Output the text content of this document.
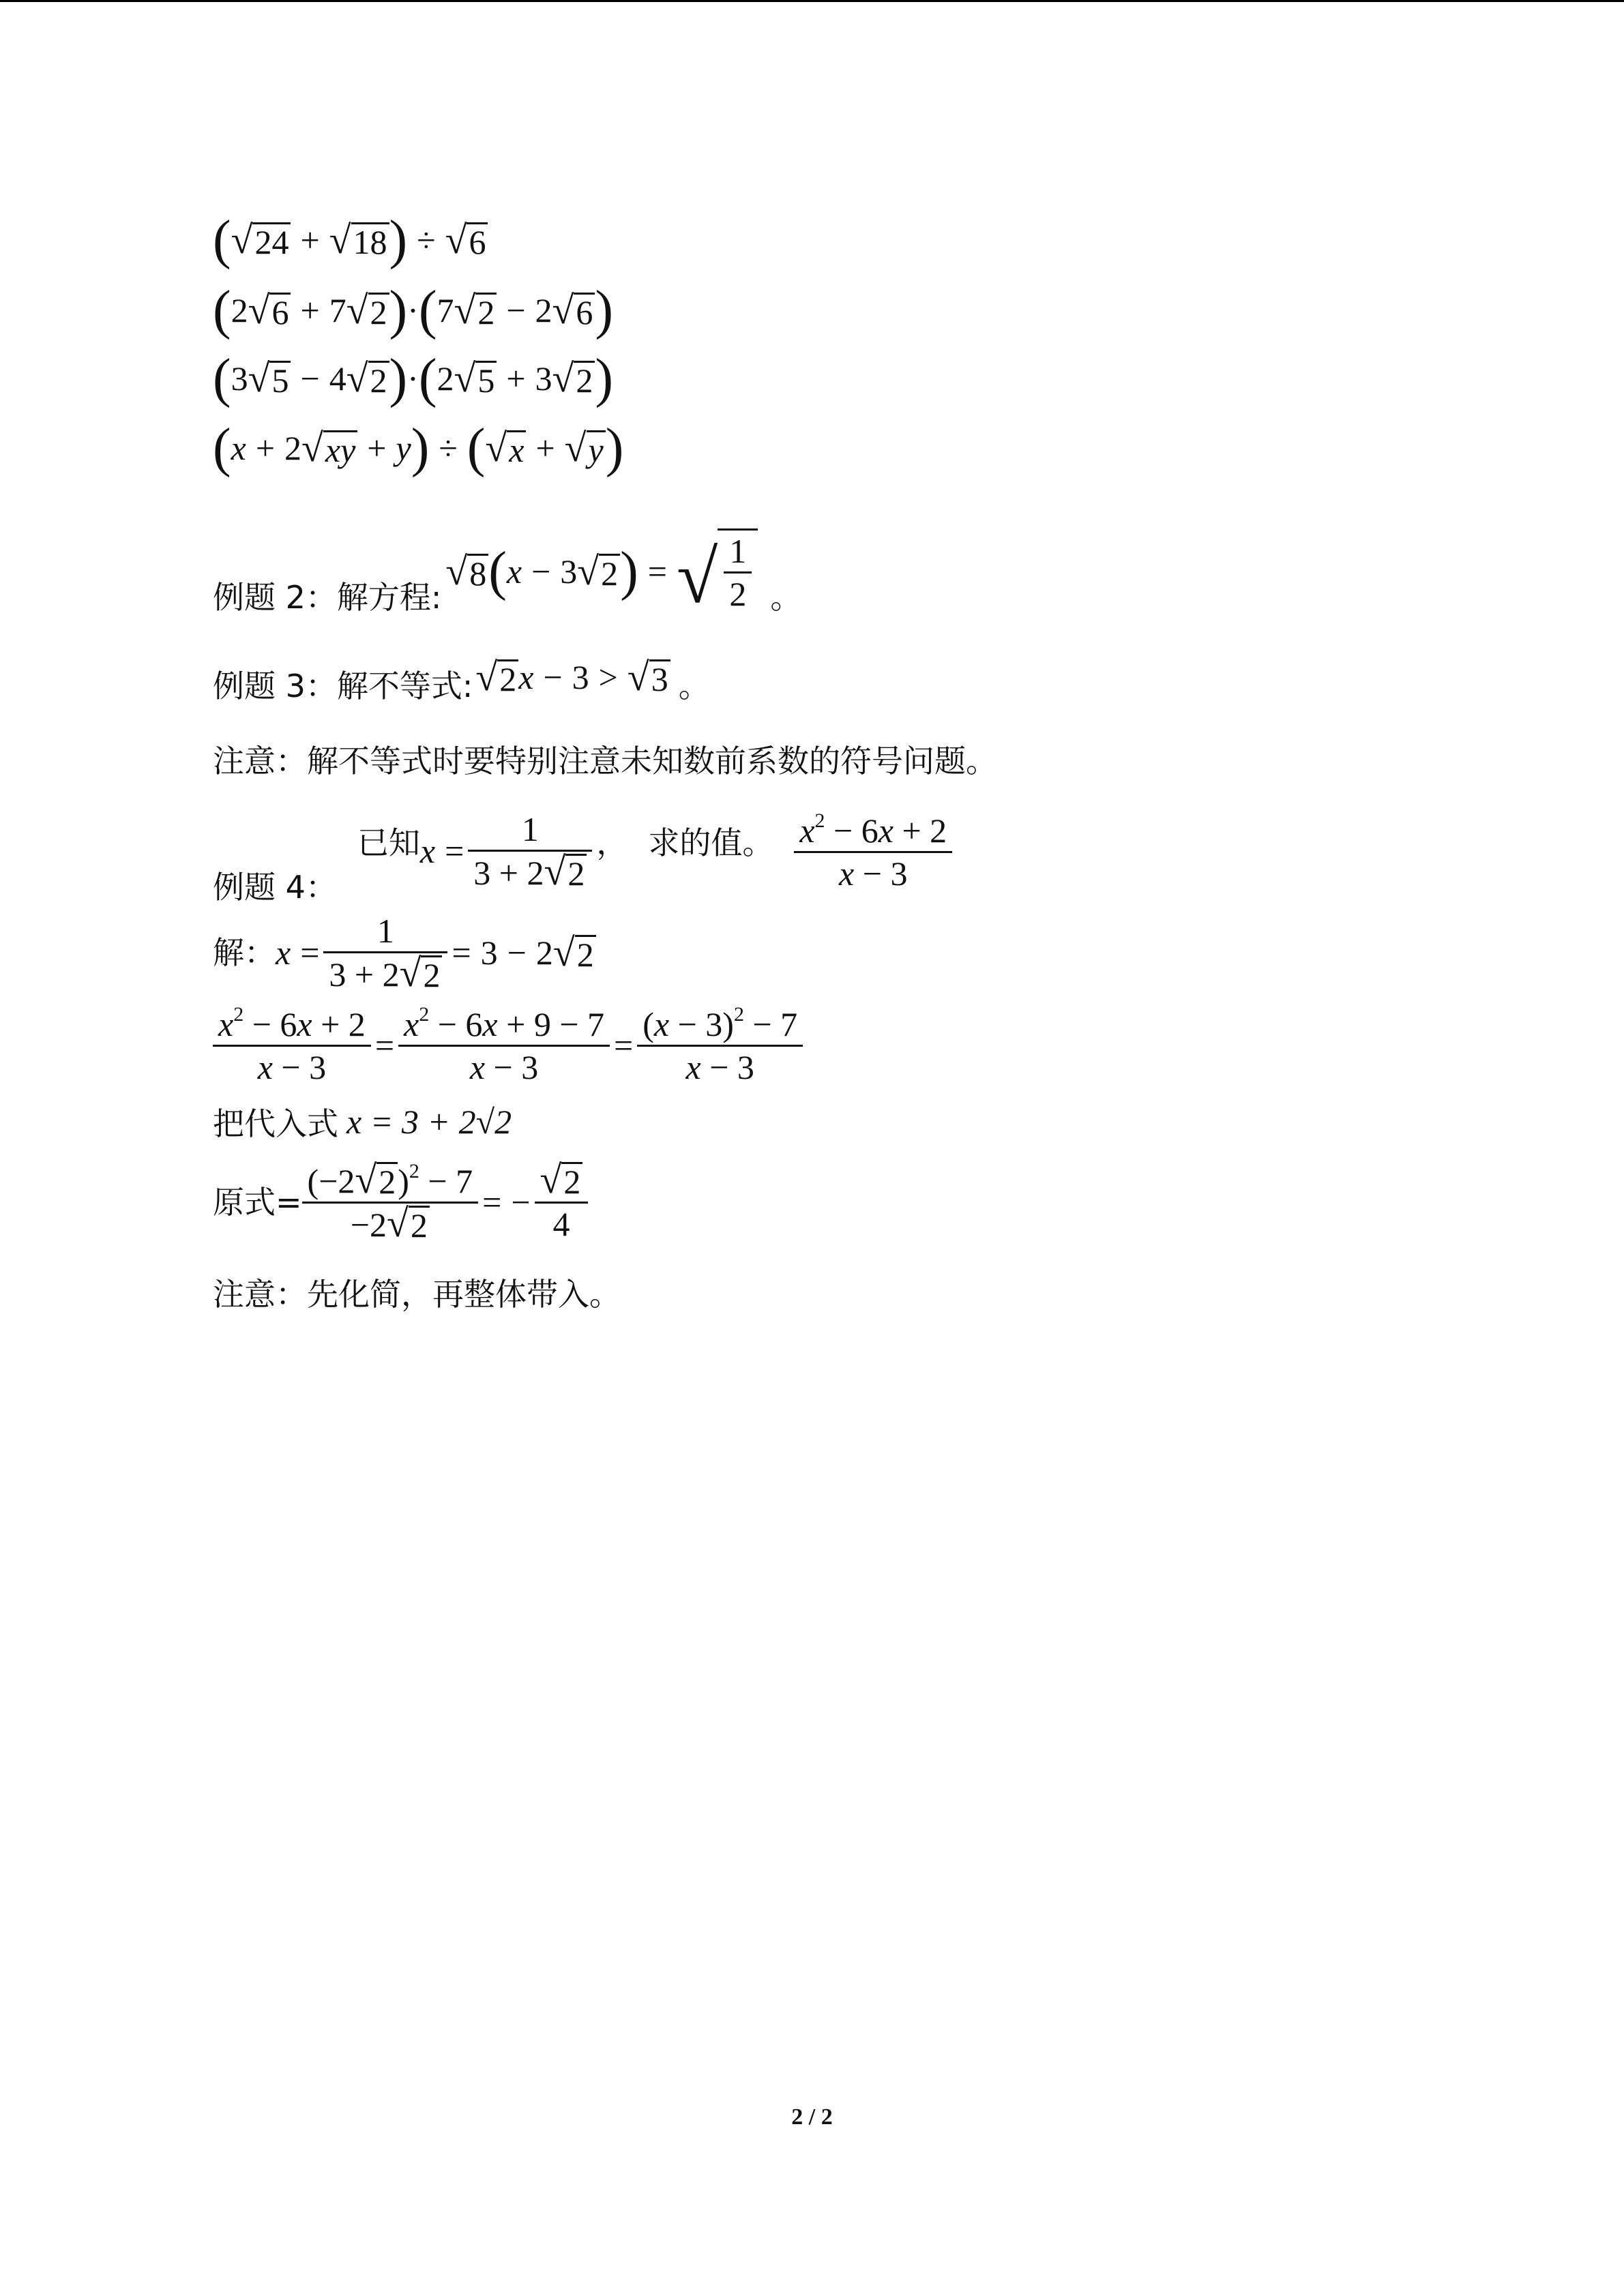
( √ 24 + √ 18 ) ÷ √ 6
( 2 √ 6 + 7 √ 2 ) · ( 7 √ 2 − 2 √ 6 )
( 3 √ 5 − 4 √ 2 ) · ( 2 √ 5 + 3 √ 2 )
( x + 2 √ xy + y ) ÷ ( √ x + √ y )
例题 2：解方程:
√ 8 ( x − 3 √ 2 ) = √ $\frac{1}{2}$ 。
例题 3：解不等式: √ 2 x − 3 > √ 3 。
注意：解不等式时要特别注意未知数前系数的符号问题。
例题 4：
已知 $x = \frac{1}{3 + 2 √ 2}$ ， 求的值。 $\frac{x^2 - 6x + 2}{x - 3}$
解： $x = \frac{1}{3 + 2 √ 2} = 3 - 2$ √ 2
$\frac{x^2 - 6x + 2}{x - 3} = \frac{x^2 - 6x + 9 - 7}{x - 3} = \frac{(x - 3)^2 - 7}{x - 3}$
把代入式 x = 3 + 2√2
原式= $\frac{(-2 √ 2 )^2 - 7}{-2 √ 2}$ = − $\frac{√ 2}{4}$
注意：先化简，再整体带入。
2 / 2
